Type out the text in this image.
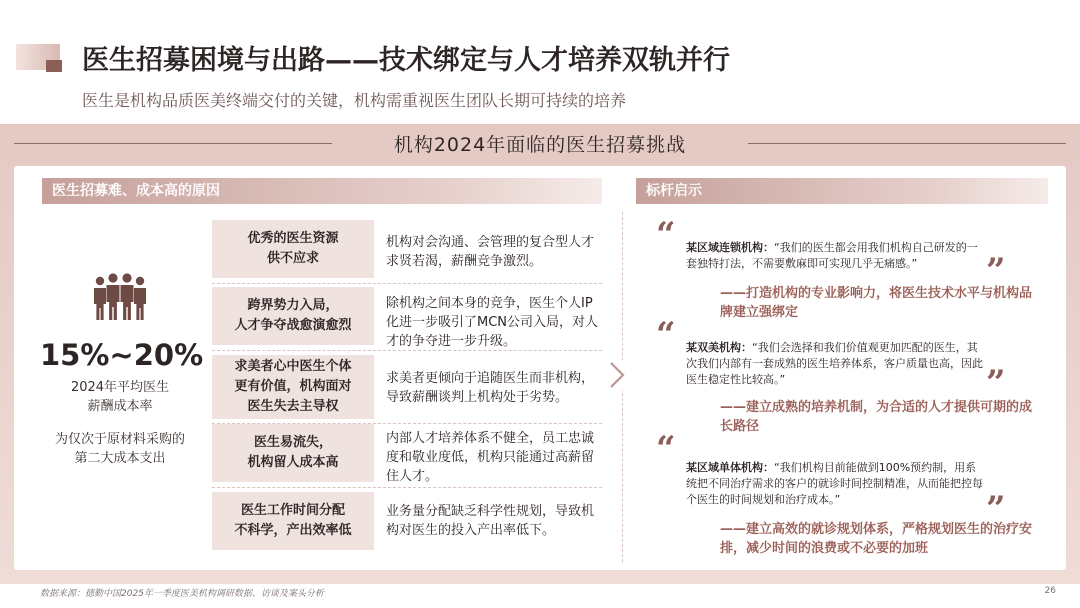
医生招募困境与出路——技术绑定与人才培养双轨并行
医生是机构品质医美终端交付的关键，机构需重视医生团队长期可持续的培养
机构2024年面临的医生招募挑战
医生招募难、成本高的原因
15%~20%
2024年平均医生
薪酬成本率
为仅次于原材料采购的
第二大成本支出
优秀的医生资源
供不应求
机构对会沟通、会管理的复合型人才求贤若渴，薪酬竞争激烈。
跨界势力入局，
人才争夺战愈演愈烈
除机构之间本身的竞争，医生个人IP化进一步吸引了MCN公司入局，对人才的争夺进一步升级。
求美者心中医生个体
更有价值，机构面对
医生失去主导权
求美者更倾向于追随医生而非机构，导致薪酬谈判上机构处于劣势。
医生易流失，
机构留人成本高
内部人才培养体系不健全，员工忠诚度和敬业度低，机构只能通过高薪留住人才。
医生工作时间分配
不科学，产出效率低
业务量分配缺乏科学性规划，导致机构对医生的投入产出率低下。
标杆启示
“ 某区域连锁机构：“我们的医生都会用我们机构自己研发的一套独特打法，不需要敷麻即可实现几乎无痛感。”	”
——打造机构的专业影响力，将医生技术水平与机构品牌建立强绑定
“ 某双美机构：“我们会选择和我们价值观更加匹配的医生，其次我们内部有一套成熟的医生培养体系，客户质量也高，因此医生稳定性比较高。”	”
——建立成熟的培养机制，为合适的人才提供可期的成长路径
“ 某区域单体机构：“我们机构目前能做到100%预约制，用系统把不同治疗需求的客户的就诊时间控制精准，从而能把控每个医生的时间规划和治疗成本。”	”
——建立高效的就诊规划体系，严格规划医生的治疗安排，减少时间的浪费或不必要的加班
数据来源：德勤中国2025年一季度医美机构调研数据、访谈及案头分析	26
